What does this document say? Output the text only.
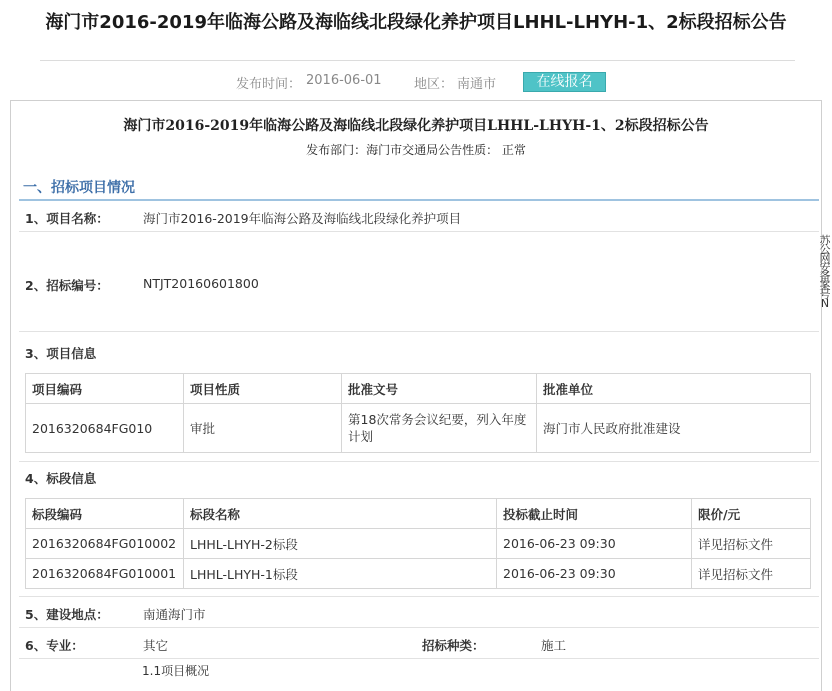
海门市2016-2019年临海公路及海临线北段绿化养护项目LHHL-LHYH-1、2标段招标公告
发布时间： 2016-06-01 地区： 南通市	在线报名
海门市2016-2019年临海公路及海临线北段绿化养护项目LHHL-LHYH-1、2标段招标公告
发布部门：海门市交通局公告性质： 正常
一、招标项目情况
1、项目名称：	海门市2016-2019年临海公路及海临线北段绿化养护项目
2、招标编号：	NTJT20160601800
3、项目信息
项目编码	项目性质	批准文号	批准单位
2016320684FG010	审批	第18次常务会议纪要，列入年度计划	海门市人民政府批准建设
4、标段信息
标段编码	标段名称	投标截止时间	限价/元
2016320684FG010002	LHHL-LHYH-2标段	2016-06-23 09:30	详见招标文件
2016320684FG010001	LHHL-LHYH-1标段	2016-06-23 09:30	详见招标文件
5、建设地点：	南通海门市
6、专业：	其它	招标种类：	施工
1.1项目概况
苏公网安备案号N
